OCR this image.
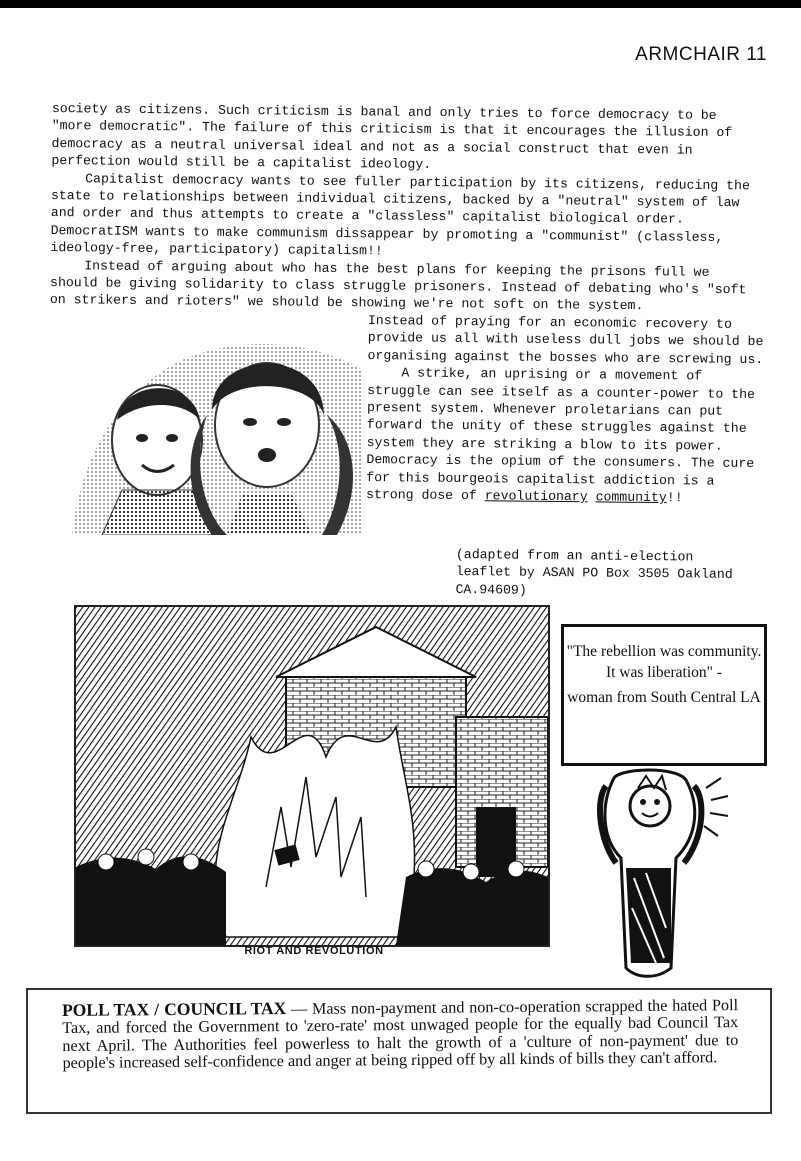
ARMCHAIR 11

society as citizens. Such criticism is banal and only tries to force democracy to be "more democratic". The failure of this criticism is that it encourages the illusion of democracy as a neutral universal ideal and not as a social construct that even in perfection would still be a capitalist ideology.

Capitalist democracy wants to see fuller participation by its citizens, reducing the state to relationships between individual citizens, backed by a "neutral" system of law and order and thus attempts to create a "classless" capitalist biological order. DemocratISM wants to make communism dissappear by promoting a "communist" (classless, ideology-free, participatory) capitalism!!

Instead of arguing about who has the best plans for keeping the prisons full we should be giving solidarity to class struggle prisoners. Instead of debating who's "soft on strikers and rioters" we should be showing we're not soft on the system.

Instead of praying for an economic recovery to provide us all with useless dull jobs we should be organising against the bosses who are screwing us.

A strike, an uprising or a movement of struggle can see itself as a counter-power to the present system. Whenever proletarians can put forward the unity of these struggles against the system they are striking a blow to its power. Democracy is the opium of the consumers. The cure for this bourgeois capitalist addiction is a strong dose of revolutionary community!!

(adapted from an anti-election leaflet by ASAN PO Box 3505 Oakland CA.94609)
RIOT AND REVOLUTION

"The rebellion was community. It was liberation" -

woman from South Central LA

POLL TAX / COUNCIL TAX — Mass non-payment and non-co-operation scrapped the hated Poll Tax, and forced the Government to 'zero-rate' most unwaged people for the equally bad Council Tax next April. The Authorities feel powerless to halt the growth of a 'culture of non-payment' due to people's increased self-confidence and anger at being ripped off by all kinds of bills they can't afford.
